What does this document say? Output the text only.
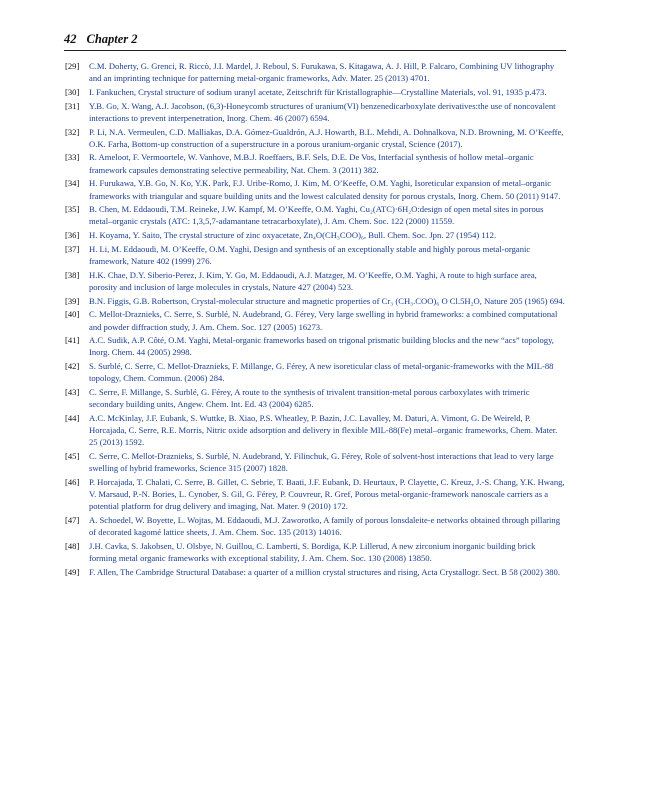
42 Chapter 2
[29]	C.M. Doherty, G. Grenci, R. Riccò, J.I. Mardel, J. Reboul, S. Furukawa, S. Kitagawa, A. J. Hill, P. Falcaro, Combining UV lithography and an imprinting technique for patterning metal-organic frameworks, Adv. Mater. 25 (2013) 4701.
[30]	I. Fankuchen, Crystal structure of sodium uranyl acetate, Zeitschrift für Kristallographie—Crystalline Materials, vol. 91, 1935 p.473.
[31]	Y.B. Go, X. Wang, A.J. Jacobson, (6,3)-Honeycomb structures of uranium(VI) benzenedicarboxylate derivatives:the use of noncovalent interactions to prevent interpenetration, Inorg. Chem. 46 (2007) 6594.
[32]	P. Li, N.A. Vermeulen, C.D. Malliakas, D.A. Gómez-Gualdrón, A.J. Howarth, B.L. Mehdi, A. Dohnalkova, N.D. Browning, M. O’Keeffe, O.K. Farha, Bottom-up construction of a superstructure in a porous uranium-organic crystal, Science (2017).
[33]	R. Ameloot, F. Vermoortele, W. Vanhove, M.B.J. Roeffaers, B.F. Sels, D.E. De Vos, Interfacial synthesis of hollow metal–organic framework capsules demonstrating selective permeability, Nat. Chem. 3 (2011) 382.
[34]	H. Furukawa, Y.B. Go, N. Ko, Y.K. Park, F.J. Uribe-Romo, J. Kim, M. O’Keeffe, O.M. Yaghi, Isoreticular expansion of metal–organic frameworks with triangular and square building units and the lowest calculated density for porous crystals, Inorg. Chem. 50 (2011) 9147.
[35]	B. Chen, M. Eddaoudi, T.M. Reineke, J.W. Kampf, M. O’Keeffe, O.M. Yaghi, Cu₂(ATC)·6H₂O:design of open metal sites in porous metal–organic crystals (ATC: 1,3,5,7-adamantane tetracarboxylate), J. Am. Chem. Soc. 122 (2000) 11559.
[36]	H. Koyama, Y. Saito, The crystal structure of zinc oxyacetate, Zn₄O(CH₃COO)₆, Bull. Chem. Soc. Jpn. 27 (1954) 112.
[37]	H. Li, M. Eddaoudi, M. O’Keeffe, O.M. Yaghi, Design and synthesis of an exceptionally stable and highly porous metal-organic framework, Nature 402 (1999) 276.
[38]	H.K. Chae, D.Y. Siberio-Perez, J. Kim, Y. Go, M. Eddaoudi, A.J. Matzger, M. O’Keeffe, O.M. Yaghi, A route to high surface area, porosity and inclusion of large molecules in crystals, Nature 427 (2004) 523.
[39]	B.N. Figgis, G.B. Robertson, Crystal-molecular structure and magnetic properties of Cr₃ (CH₃.COO)₆ O Cl.5H₂O, Nature 205 (1965) 694.
[40]	C. Mellot-Draznieks, C. Serre, S. Surblé, N. Audebrand, G. Férey, Very large swelling in hybrid frameworks: a combined computational and powder diffraction study, J. Am. Chem. Soc. 127 (2005) 16273.
[41]	A.C. Sudik, A.P. Côté, O.M. Yaghi, Metal-organic frameworks based on trigonal prismatic building blocks and the new “acs” topology, Inorg. Chem. 44 (2005) 2998.
[42]	S. Surblé, C. Serre, C. Mellot-Draznieks, F. Millange, G. Férey, A new isoreticular class of metal-organic-frameworks with the MIL-88 topology, Chem. Commun. (2006) 284.
[43]	C. Serre, F. Millange, S. Surblé, G. Férey, A route to the synthesis of trivalent transition-metal porous carboxylates with trimeric secondary building units, Angew. Chem. Int. Ed. 43 (2004) 6285.
[44]	A.C. McKinlay, J.F. Eubank, S. Wuttke, B. Xiao, P.S. Wheatley, P. Bazin, J.C. Lavalley, M. Daturi, A. Vimont, G. De Weireld, P. Horcajada, C. Serre, R.E. Morris, Nitric oxide adsorption and delivery in flexible MIL-88(Fe) metal–organic frameworks, Chem. Mater. 25 (2013) 1592.
[45]	C. Serre, C. Mellot-Draznieks, S. Surblé, N. Audebrand, Y. Filinchuk, G. Férey, Role of solvent-host interactions that lead to very large swelling of hybrid frameworks, Science 315 (2007) 1828.
[46]	P. Horcajada, T. Chalati, C. Serre, B. Gillet, C. Sebrie, T. Baati, J.F. Eubank, D. Heurtaux, P. Clayette, C. Kreuz, J.-S. Chang, Y.K. Hwang, V. Marsaud, P.-N. Bories, L. Cynober, S. Gil, G. Férey, P. Couvreur, R. Gref, Porous metal-organic-framework nanoscale carriers as a potential platform for drug delivery and imaging, Nat. Mater. 9 (2010) 172.
[47]	A. Schoedel, W. Boyette, L. Wojtas, M. Eddaoudi, M.J. Zaworotko, A family of porous lonsdaleite-e networks obtained through pillaring of decorated kagomé lattice sheets, J. Am. Chem. Soc. 135 (2013) 14016.
[48]	J.H. Cavka, S. Jakobsen, U. Olsbye, N. Guillou, C. Lamberti, S. Bordiga, K.P. Lillerud, A new zirconium inorganic building brick forming metal organic frameworks with exceptional stability, J. Am. Chem. Soc. 130 (2008) 13850.
[49]	F. Allen, The Cambridge Structural Database: a quarter of a million crystal structures and rising, Acta Crystallogr. Sect. B 58 (2002) 380.
